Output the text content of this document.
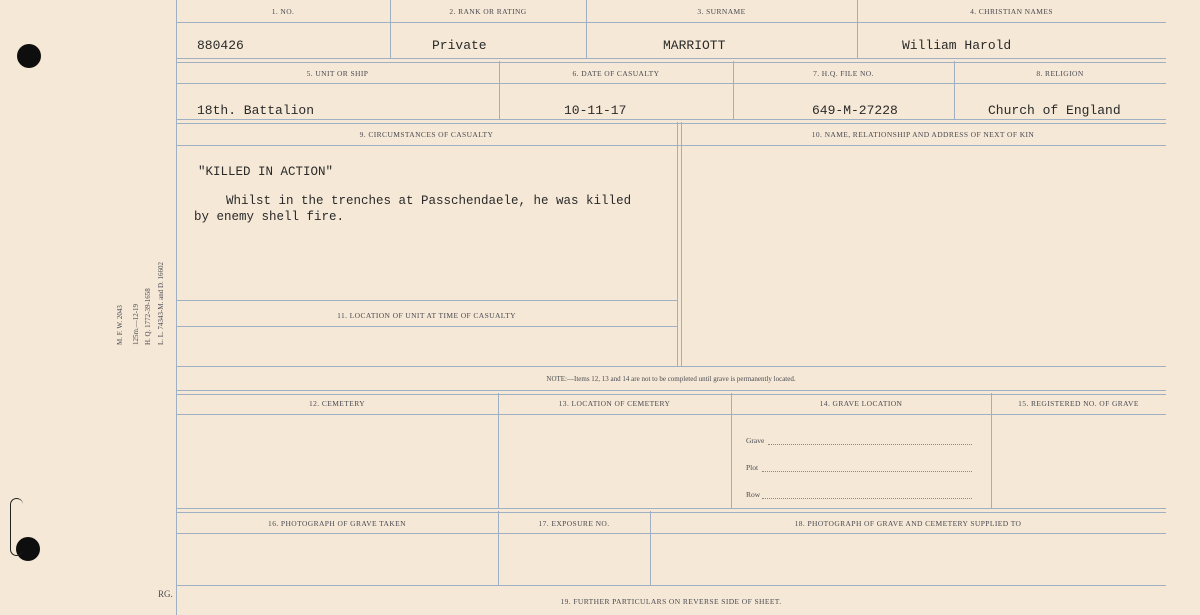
M. F. W. 2043 125m.—12-19 H. Q. 1772-39-1658 L. L. 74343-M. and D. 16602
RG.
1. NO.	2. RANK OR RATING	3. SURNAME	4. CHRISTIAN NAMES
880426	Private	MARRIOTT	William Harold
5. UNIT OR SHIP	6. DATE OF CASUALTY	7. H.Q. FILE NO.	8. RELIGION
18th. Battalion	10-11-17	649-M-27228	Church of England
9. CIRCUMSTANCES OF CASUALTY	10. NAME, RELATIONSHIP AND ADDRESS OF NEXT OF KIN
"KILLED IN ACTION"
Whilst in the trenches at Passchendaele, he was killed
by enemy shell fire.
11. LOCATION OF UNIT AT TIME OF CASUALTY
NOTE:—Items 12, 13 and 14 are not to be completed until grave is permanently located.
12. CEMETERY	13. LOCATION OF CEMETERY	14. GRAVE LOCATION	15. REGISTERED NO. OF GRAVE
Grave
Plot
Row
16. PHOTOGRAPH OF GRAVE TAKEN	17. EXPOSURE NO.	18. PHOTOGRAPH OF GRAVE AND CEMETERY SUPPLIED TO
19. FURTHER PARTICULARS ON REVERSE SIDE OF SHEET.
